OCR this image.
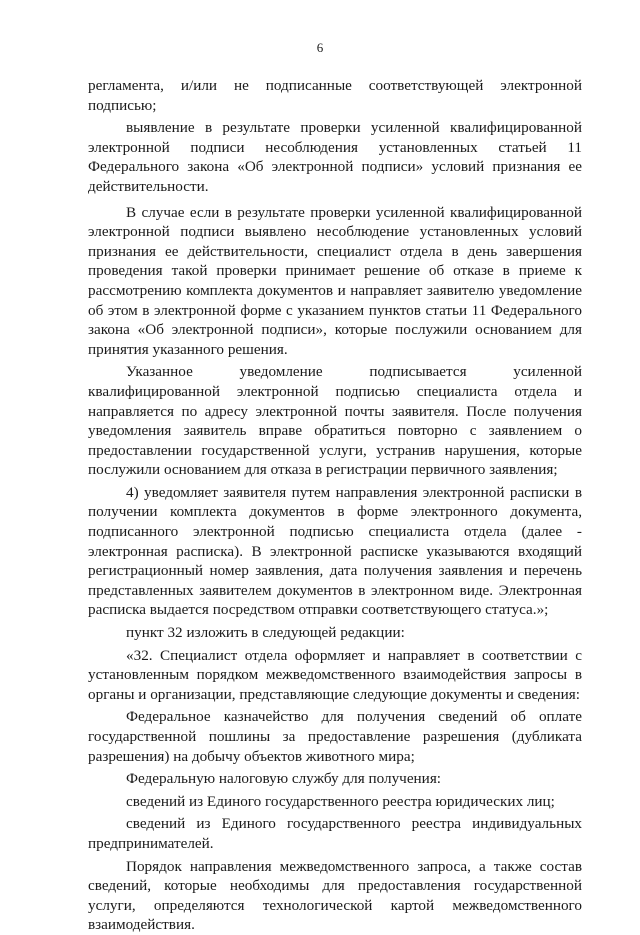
6

регламента, и/или не подписанные соответствующей электронной подписью;

выявление в результате проверки усиленной квалифицированной электронной подписи несоблюдения установленных статьей 11 Федерального закона «Об электронной подписи» условий признания ее действительности.

В случае если в результате проверки усиленной квалифицированной электронной подписи выявлено несоблюдение установленных условий признания ее действительности, специалист отдела в день завершения проведения такой проверки принимает решение об отказе в приеме к рассмотрению комплекта документов и направляет заявителю уведомление об этом в электронной форме с указанием пунктов статьи 11 Федерального закона «Об электронной подписи», которые послужили основанием для принятия указанного решения.

Указанное уведомление подписывается усиленной квалифицированной электронной подписью специалиста отдела и направляется по адресу электронной почты заявителя. После получения уведомления заявитель вправе обратиться повторно с заявлением о предоставлении государственной услуги, устранив нарушения, которые послужили основанием для отказа в регистрации первичного заявления;

4) уведомляет заявителя путем направления электронной расписки в получении комплекта документов в форме электронного документа, подписанного электронной подписью специалиста отдела (далее - электронная расписка). В электронной расписке указываются входящий регистрационный номер заявления, дата получения заявления и перечень представленных заявителем документов в электронном виде. Электронная расписка выдается посредством отправки соответствующего статуса.»;

пункт 32 изложить в следующей редакции:

«32. Специалист отдела оформляет и направляет в соответствии с установленным порядком межведомственного взаимодействия запросы в органы и организации, представляющие следующие документы и сведения:

Федеральное казначейство для получения сведений об оплате государственной пошлины за предоставление разрешения (дубликата разрешения) на добычу объектов животного мира;

Федеральную налоговую службу для получения:

сведений из Единого государственного реестра юридических лиц;

сведений из Единого государственного реестра индивидуальных предпринимателей.

Порядок направления межведомственного запроса, а также состав сведений, которые необходимы для предоставления государственной услуги, определяются технологической картой межведомственного взаимодействия.
